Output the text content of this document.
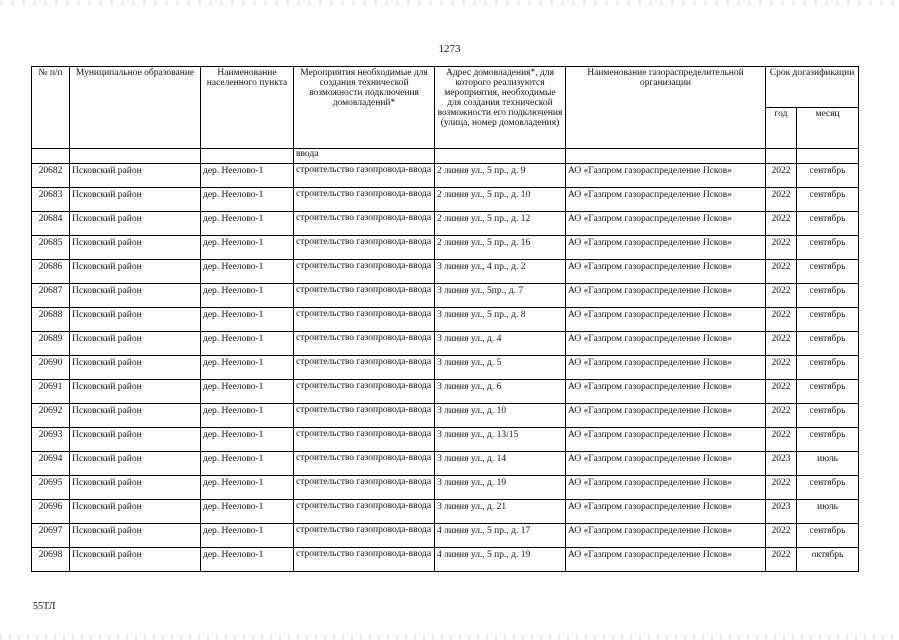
1273
№ п/п	Муниципальное образование	Наименование населенного пункта	Мероприятия необходимые для создания технической возможности подключения домовладений*	Адрес домовладения*, для которого реализуются мероприятия, необходимые для создания технической возможности его подключения (улица, номер домовладения)	Наименование газораспределительной организации	Срок догазификации	
						год	месяц
			ввода				
20682	Псковский район	дер. Неелово-1	строительство газопровода-ввода	2 линия ул., 5 пр., д. 9	АО «Газпром газораспределение Псков»	2022	сентябрь
20683	Псковский район	дер. Неелово-1	строительство газопровода-ввода	2 линия ул., 5 пр., д. 10	АО «Газпром газораспределение Псков»	2022	сентябрь
20684	Псковский район	дер. Неелово-1	строительство газопровода-ввода	2 линия ул., 5 пр., д. 12	АО «Газпром газораспределение Псков»	2022	сентябрь
20685	Псковский район	дер. Неелово-1	строительство газопровода-ввода	2 линия ул., 5 пр., д. 16	АО «Газпром газораспределение Псков»	2022	сентябрь
20686	Псковский район	дер. Неелово-1	строительство газопровода-ввода	3 линия ул., 4 пр., д. 2	АО «Газпром газораспределение Псков»	2022	сентябрь
20687	Псковский район	дер. Неелово-1	строительство газопровода-ввода	3 линия ул., 5пр., д. 7	АО «Газпром газораспределение Псков»	2022	сентябрь
20688	Псковский район	дер. Неелово-1	строительство газопровода-ввода	3 линия ул., 5 пр., д. 8	АО «Газпром газораспределение Псков»	2022	сентябрь
20689	Псковский район	дер. Неелово-1	строительство газопровода-ввода	3 линия ул., д. 4	АО «Газпром газораспределение Псков»	2022	сентябрь
20690	Псковский район	дер. Неелово-1	строительство газопровода-ввода	3 линия ул., д. 5	АО «Газпром газораспределение Псков»	2022	сентябрь
20691	Псковский район	дер. Неелово-1	строительство газопровода-ввода	3 линия ул., д. 6	АО «Газпром газораспределение Псков»	2022	сентябрь
20692	Псковский район	дер. Неелово-1	строительство газопровода-ввода	3 линия ул., д. 10	АО «Газпром газораспределение Псков»	2022	сентябрь
20693	Псковский район	дер. Неелово-1	строительство газопровода-ввода	3 линия ул., д. 13/15	АО «Газпром газораспределение Псков»	2022	сентябрь
20694	Псковский район	дер. Неелово-1	строительство газопровода-ввода	3 линия ул., д. 14	АО «Газпром газораспределение Псков»	2023	июль
20695	Псковский район	дер. Неелово-1	строительство газопровода-ввода	3 линия ул., д. 19	АО «Газпром газораспределение Псков»	2022	сентябрь
20696	Псковский район	дер. Неелово-1	строительство газопровода-ввода	3 линия ул., д. 21	АО «Газпром газораспределение Псков»	2023	июль
20697	Псковский район	дер. Неелово-1	строительство газопровода-ввода	4 линия ул., 5 пр., д. 17	АО «Газпром газораспределение Псков»	2022	сентябрь
20698	Псковский район	дер. Неелово-1	строительство газопровода-ввода	4 линия ул., 5 пр., д. 19	АО «Газпром газораспределение Псков»	2022	октябрь
55ТЛ
